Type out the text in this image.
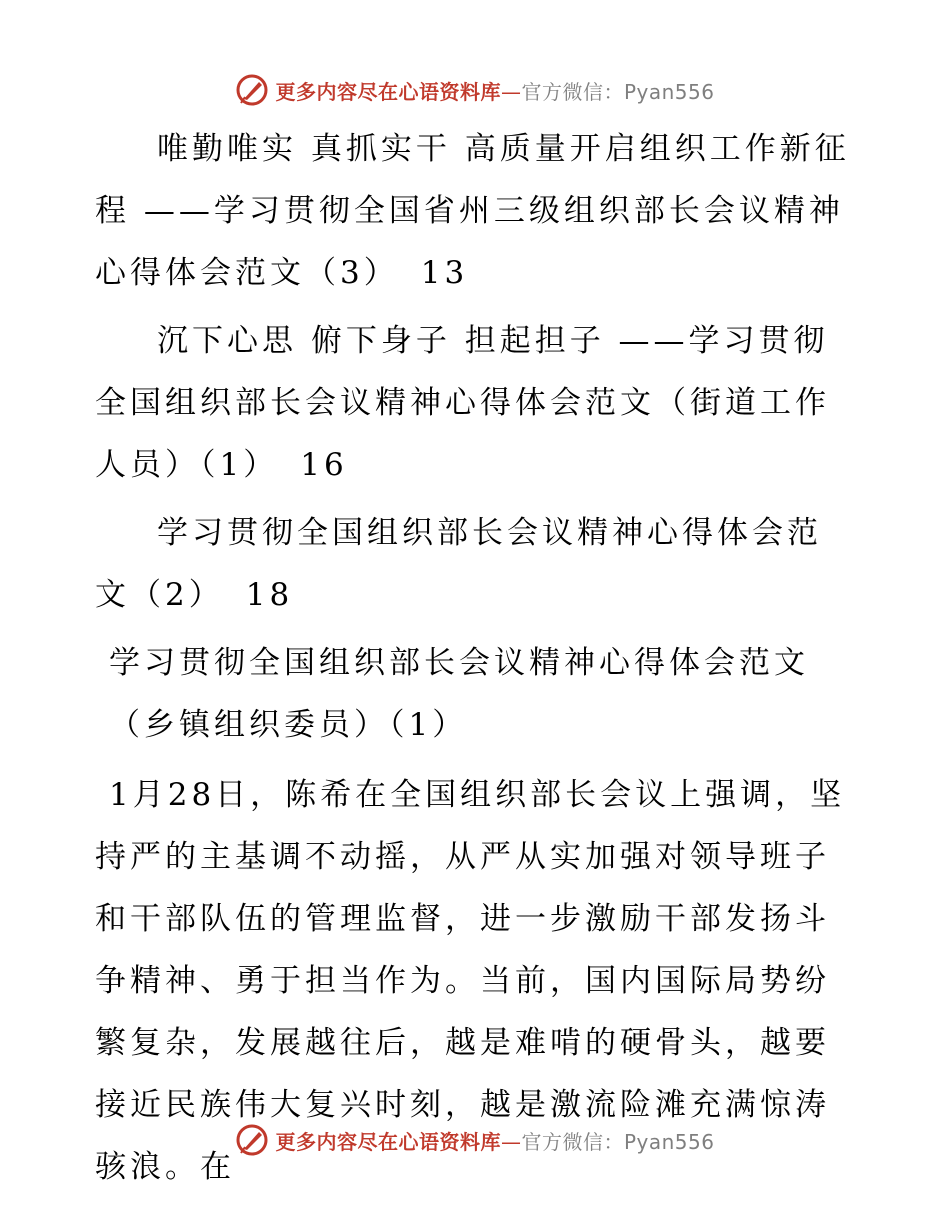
更多内容尽在心语资料库—官方微信：Pyan556

唯勤唯实 真抓实干 高质量开启组织工作新征程 ——学习贯彻全国省州三级组织部长会议精神心得体会范文（3） 13

沉下心思 俯下身子 担起担子 ——学习贯彻全国组织部长会议精神心得体会范文（街道工作人员）（1） 16

学习贯彻全国组织部长会议精神心得体会范文（2） 18

学习贯彻全国组织部长会议精神心得体会范文
（乡镇组织委员）（1）

1月28日，陈希在全国组织部长会议上强调，坚持严的主基调不动摇，从严从实加强对领导班子和干部队伍的管理监督，进一步激励干部发扬斗争精神、勇于担当作为。当前，国内国际局势纷繁复杂，发展越往后，越是难啃的硬骨头，越要接近民族伟大复兴时刻，越是激流险滩充满惊涛骇浪。在

更多内容尽在心语资料库—官方微信：Pyan556
